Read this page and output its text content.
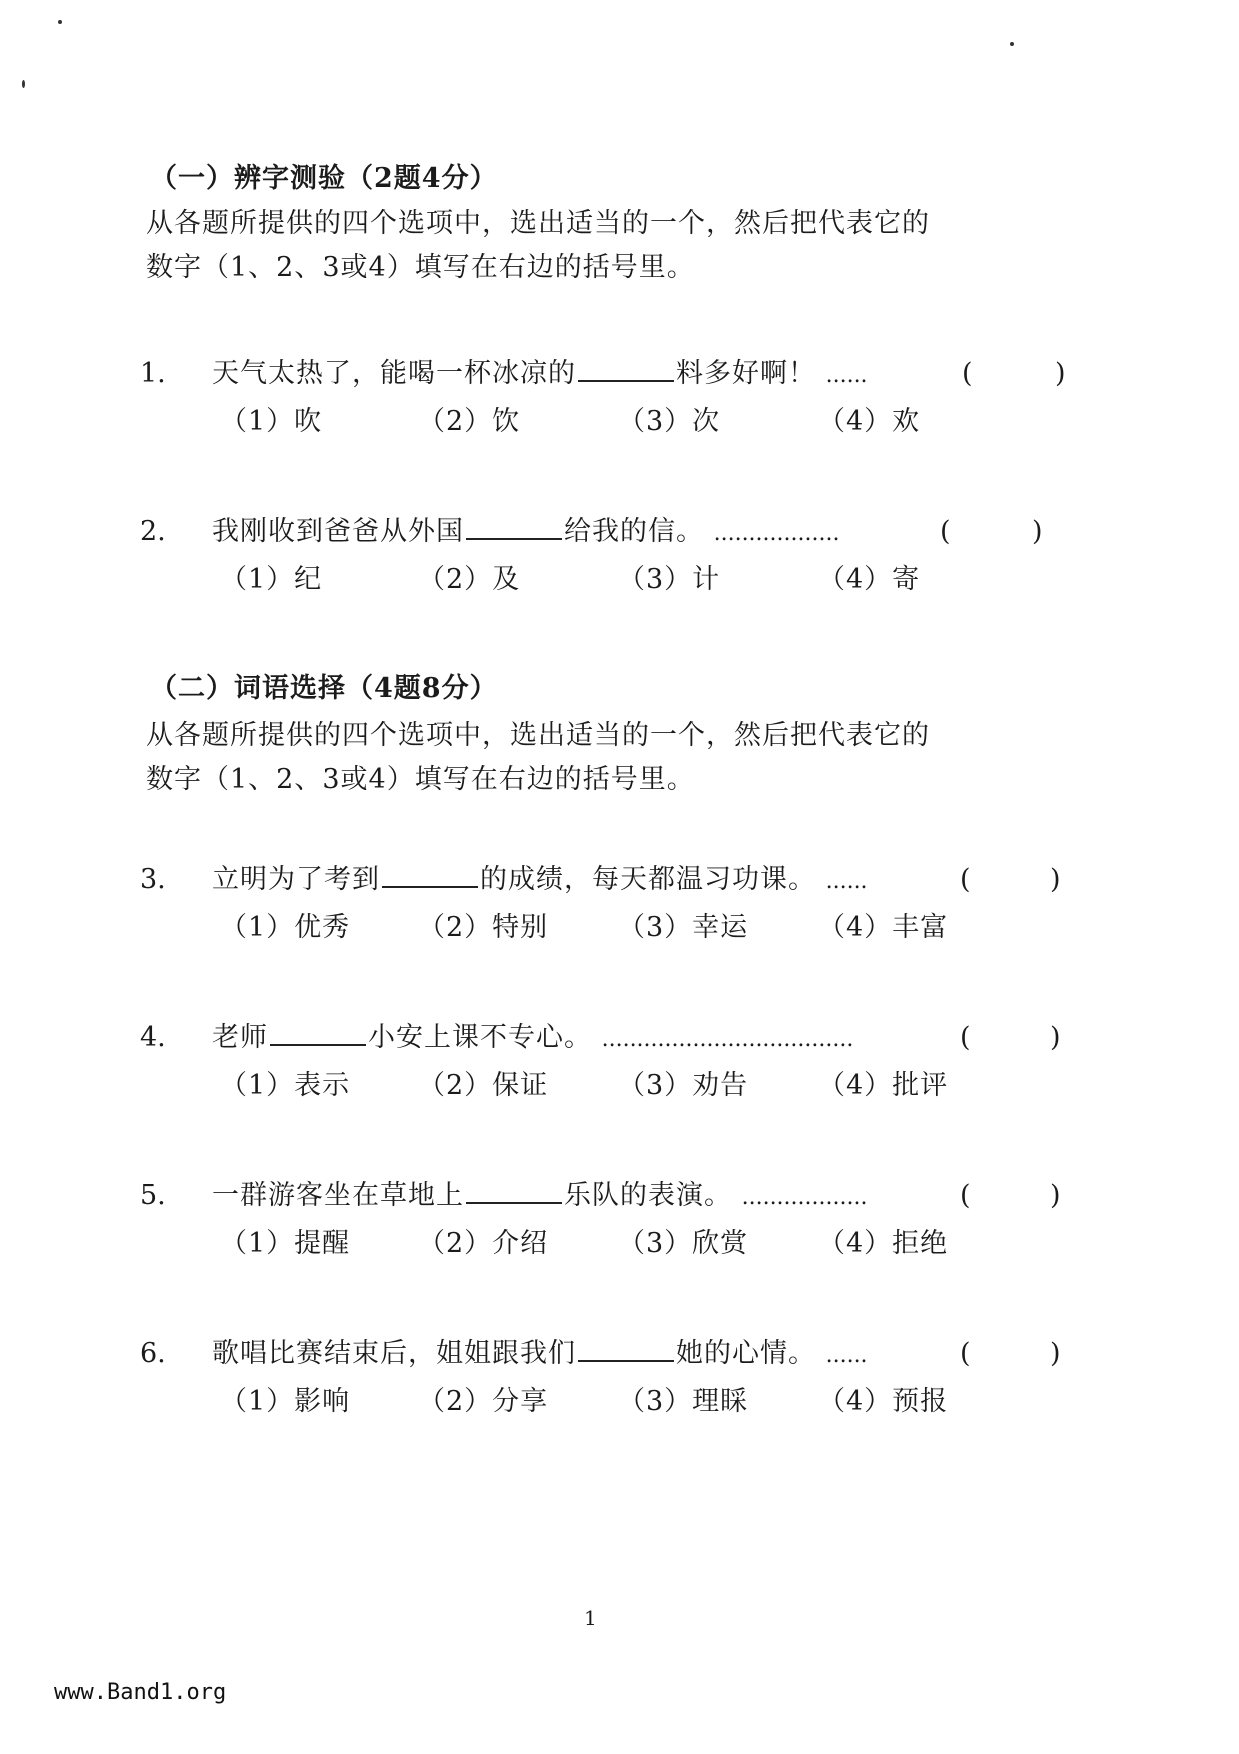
（一）辨字测验（2题4分）
从各题所提供的四个选项中，选出适当的一个，然后把代表它的
数字（1、2、3或4）填写在右边的括号里。
1. 天气太热了，能喝一杯冰凉的	料多好啊！ ......	(	)
（1）吹	（2）饮	（3）次	（4）欢
2. 我刚收到爸爸从外国	给我的信。 ..................	(	)
（1）纪	（2）及	（3）计	（4）寄
（二）词语选择（4题8分）
从各题所提供的四个选项中，选出适当的一个，然后把代表它的
数字（1、2、3或4）填写在右边的括号里。
3. 立明为了考到	的成绩，每天都温习功课。 ......	(	)
（1）优秀	（2）特别	（3）幸运	（4）丰富
4. 老师	小安上课不专心。 ....................................	(	)
（1）表示	（2）保证	（3）劝告	（4）批评
5. 一群游客坐在草地上	乐队的表演。 ..................	(	)
（1）提醒	（2）介绍	（3）欣赏	（4）拒绝
6. 歌唱比赛结束后，姐姐跟我们	她的心情。 ......	(	)
（1）影响	（2）分享	（3）理睬	（4）预报
1
www.Band1.org
